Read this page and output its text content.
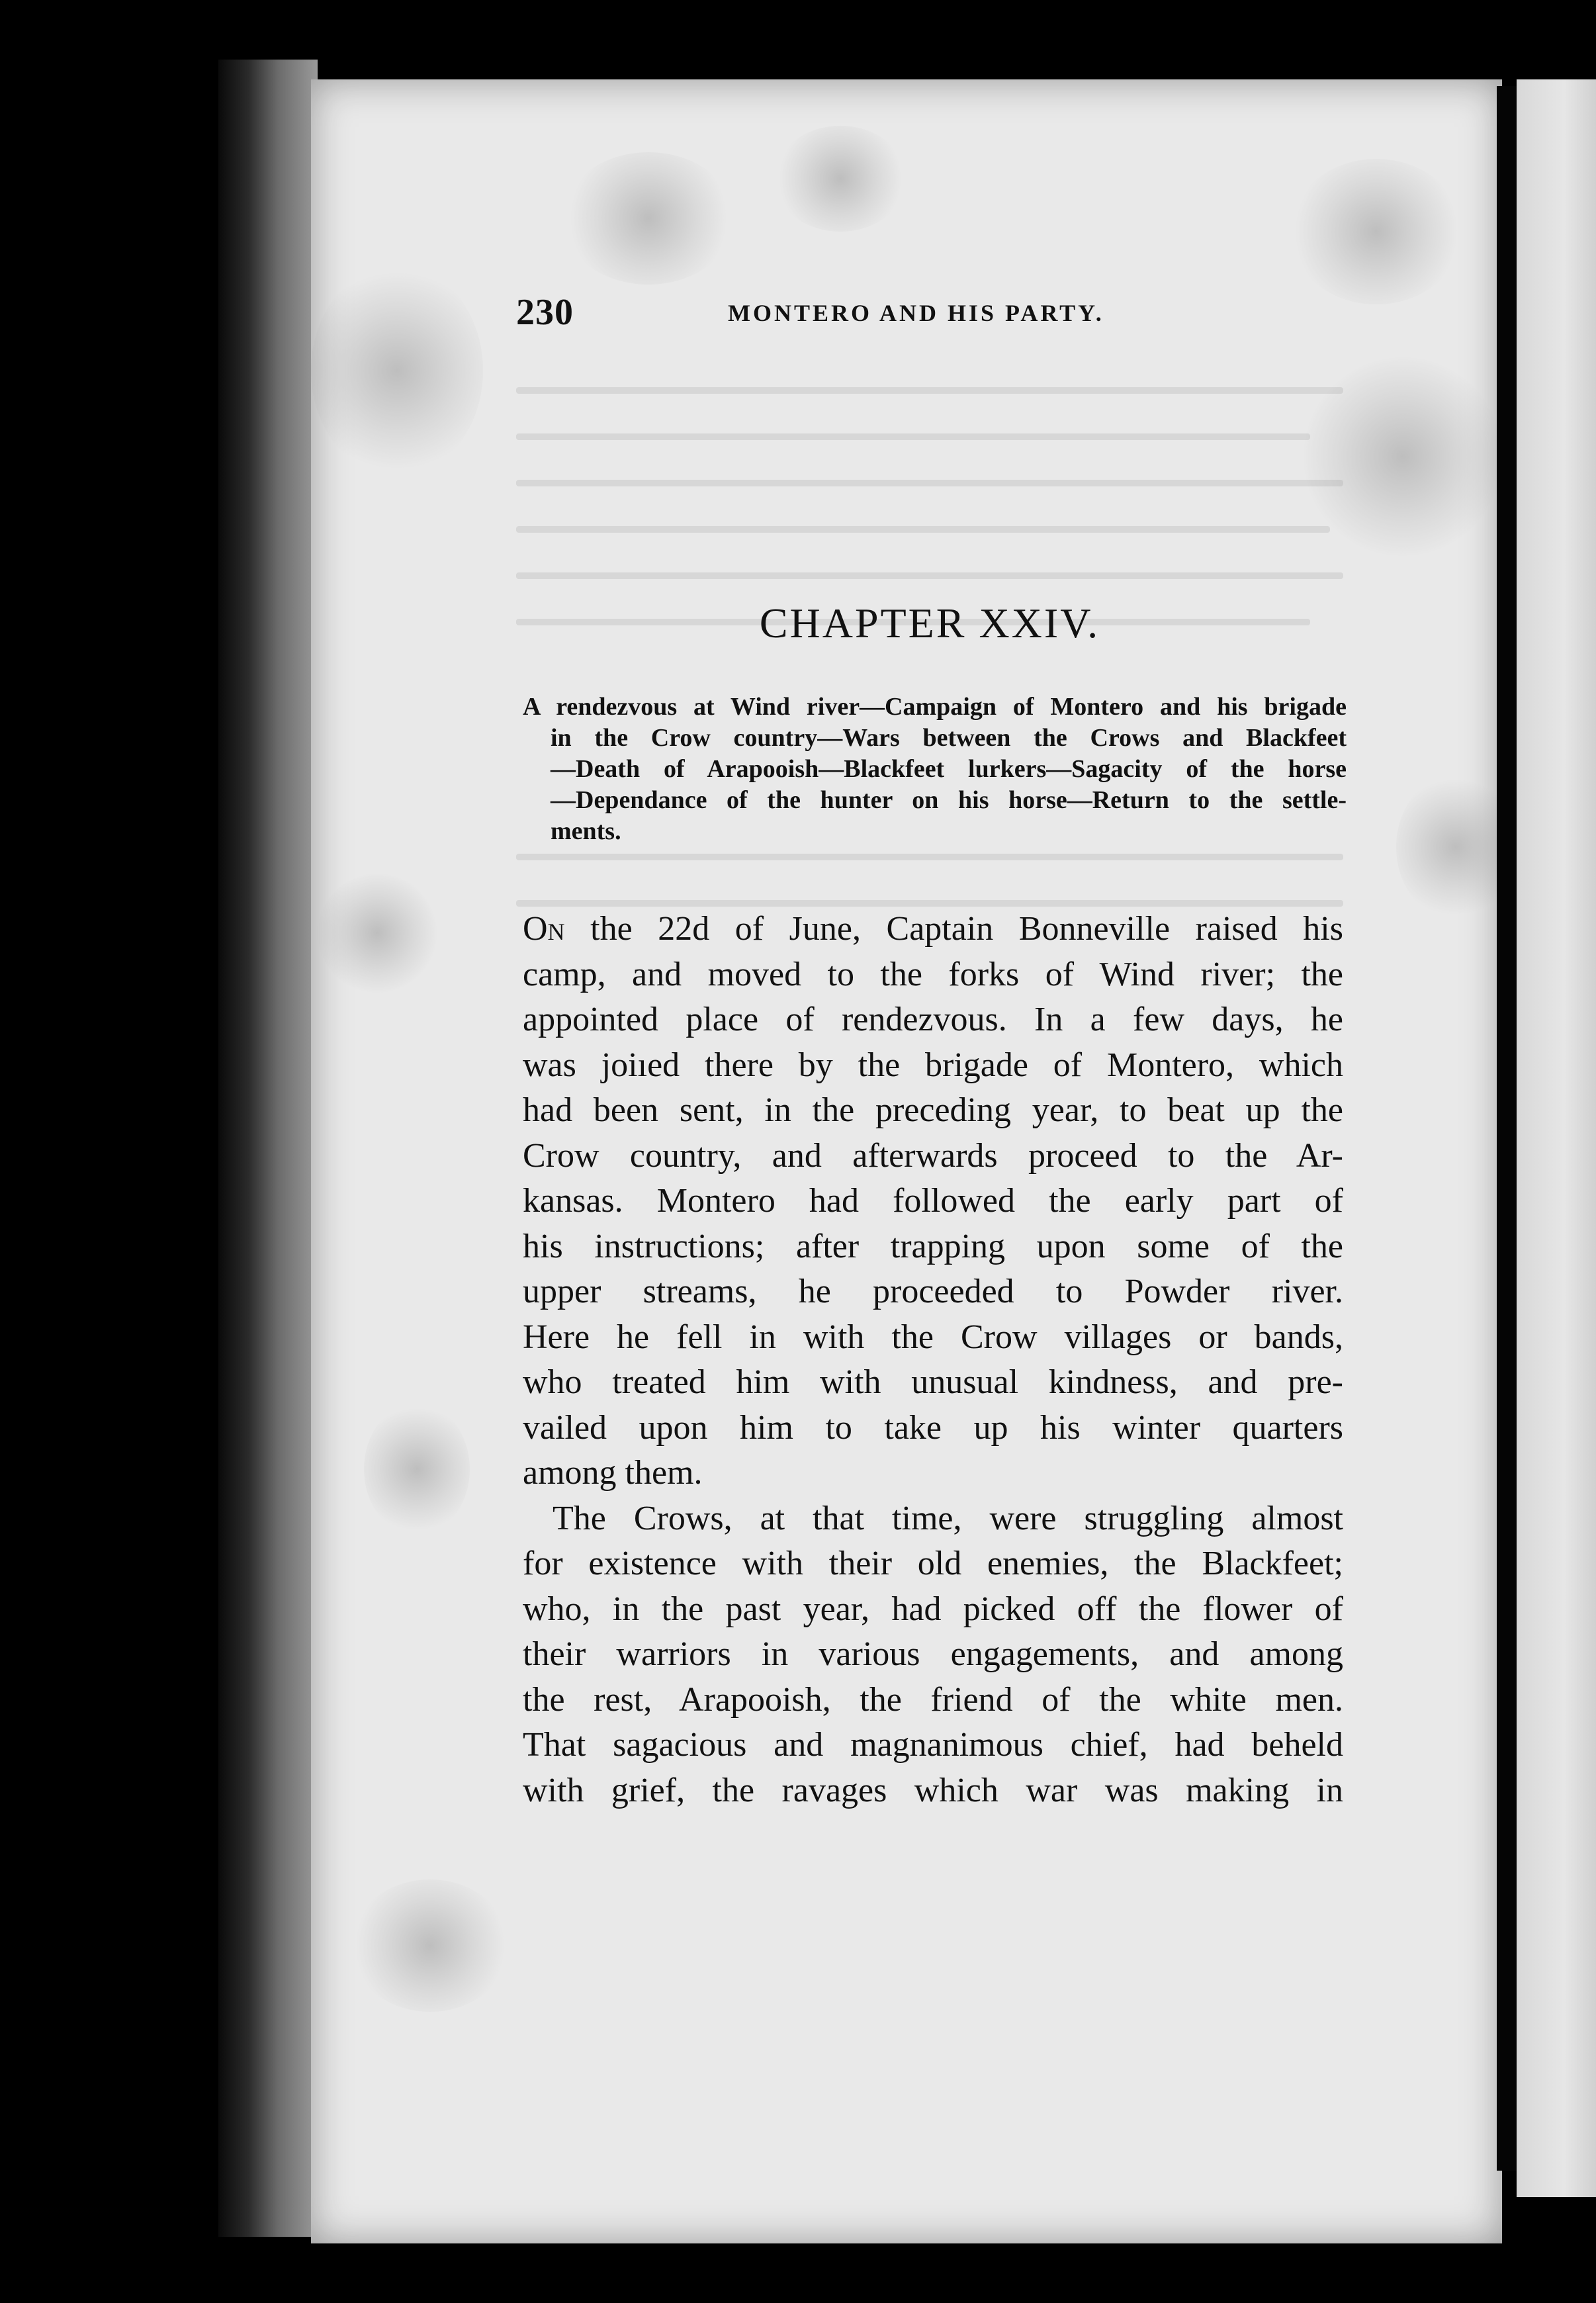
230	MONTERO AND HIS PARTY.
CHAPTER XXIV.
A rendezvous at Wind river—Campaign of Montero and his brigade
in the Crow country—Wars between the Crows and Blackfeet
—Death of Arapooish—Blackfeet lurkers—Sagacity of the horse
—Dependance of the hunter on his horse—Return to the settle-
ments.
On the 22d of June, Captain Bonneville raised his
camp, and moved to the forks of Wind river; the
appointed place of rendezvous. In a few days, he
was joiıed there by the brigade of Montero, which
had been sent, in the preceding year, to beat up the
Crow country, and afterwards proceed to the Ar-
kansas. Montero had followed the early part of
his instructions; after trapping upon some of the
upper streams, he proceeded to Powder river.
Here he fell in with the Crow villages or bands,
who treated him with unusual kindness, and pre-
vailed upon him to take up his winter quarters
among them.
The Crows, at that time, were struggling almost
for existence with their old enemies, the Blackfeet;
who, in the past year, had picked off the flower of
their warriors in various engagements, and among
the rest, Arapooish, the friend of the white men.
That sagacious and magnanimous chief, had beheld
with grief, the ravages which war was making in
